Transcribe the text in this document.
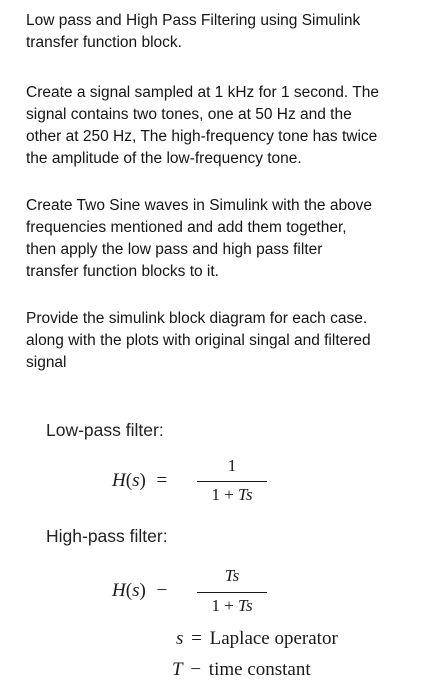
Low pass and High Pass Filtering using Simulink
transfer function block.

Create a signal sampled at 1 kHz for 1 second. The
signal contains two tones, one at 50 Hz and the
other at 250 Hz, The high-frequency tone has twice
the amplitude of the low-frequency tone.

Create Two Sine waves in Simulink with the above
frequencies mentioned and add them together,
then apply the low pass and high pass filter
transfer function blocks to it.

Provide the simulink block diagram for each case.
along with the plots with original singal and filtered
signal

Low-pass filter:
H(s) =
1
1 + Ts
High-pass filter:
H(s) −
Ts
1 + Ts
s = Laplace operator
T − time constant
